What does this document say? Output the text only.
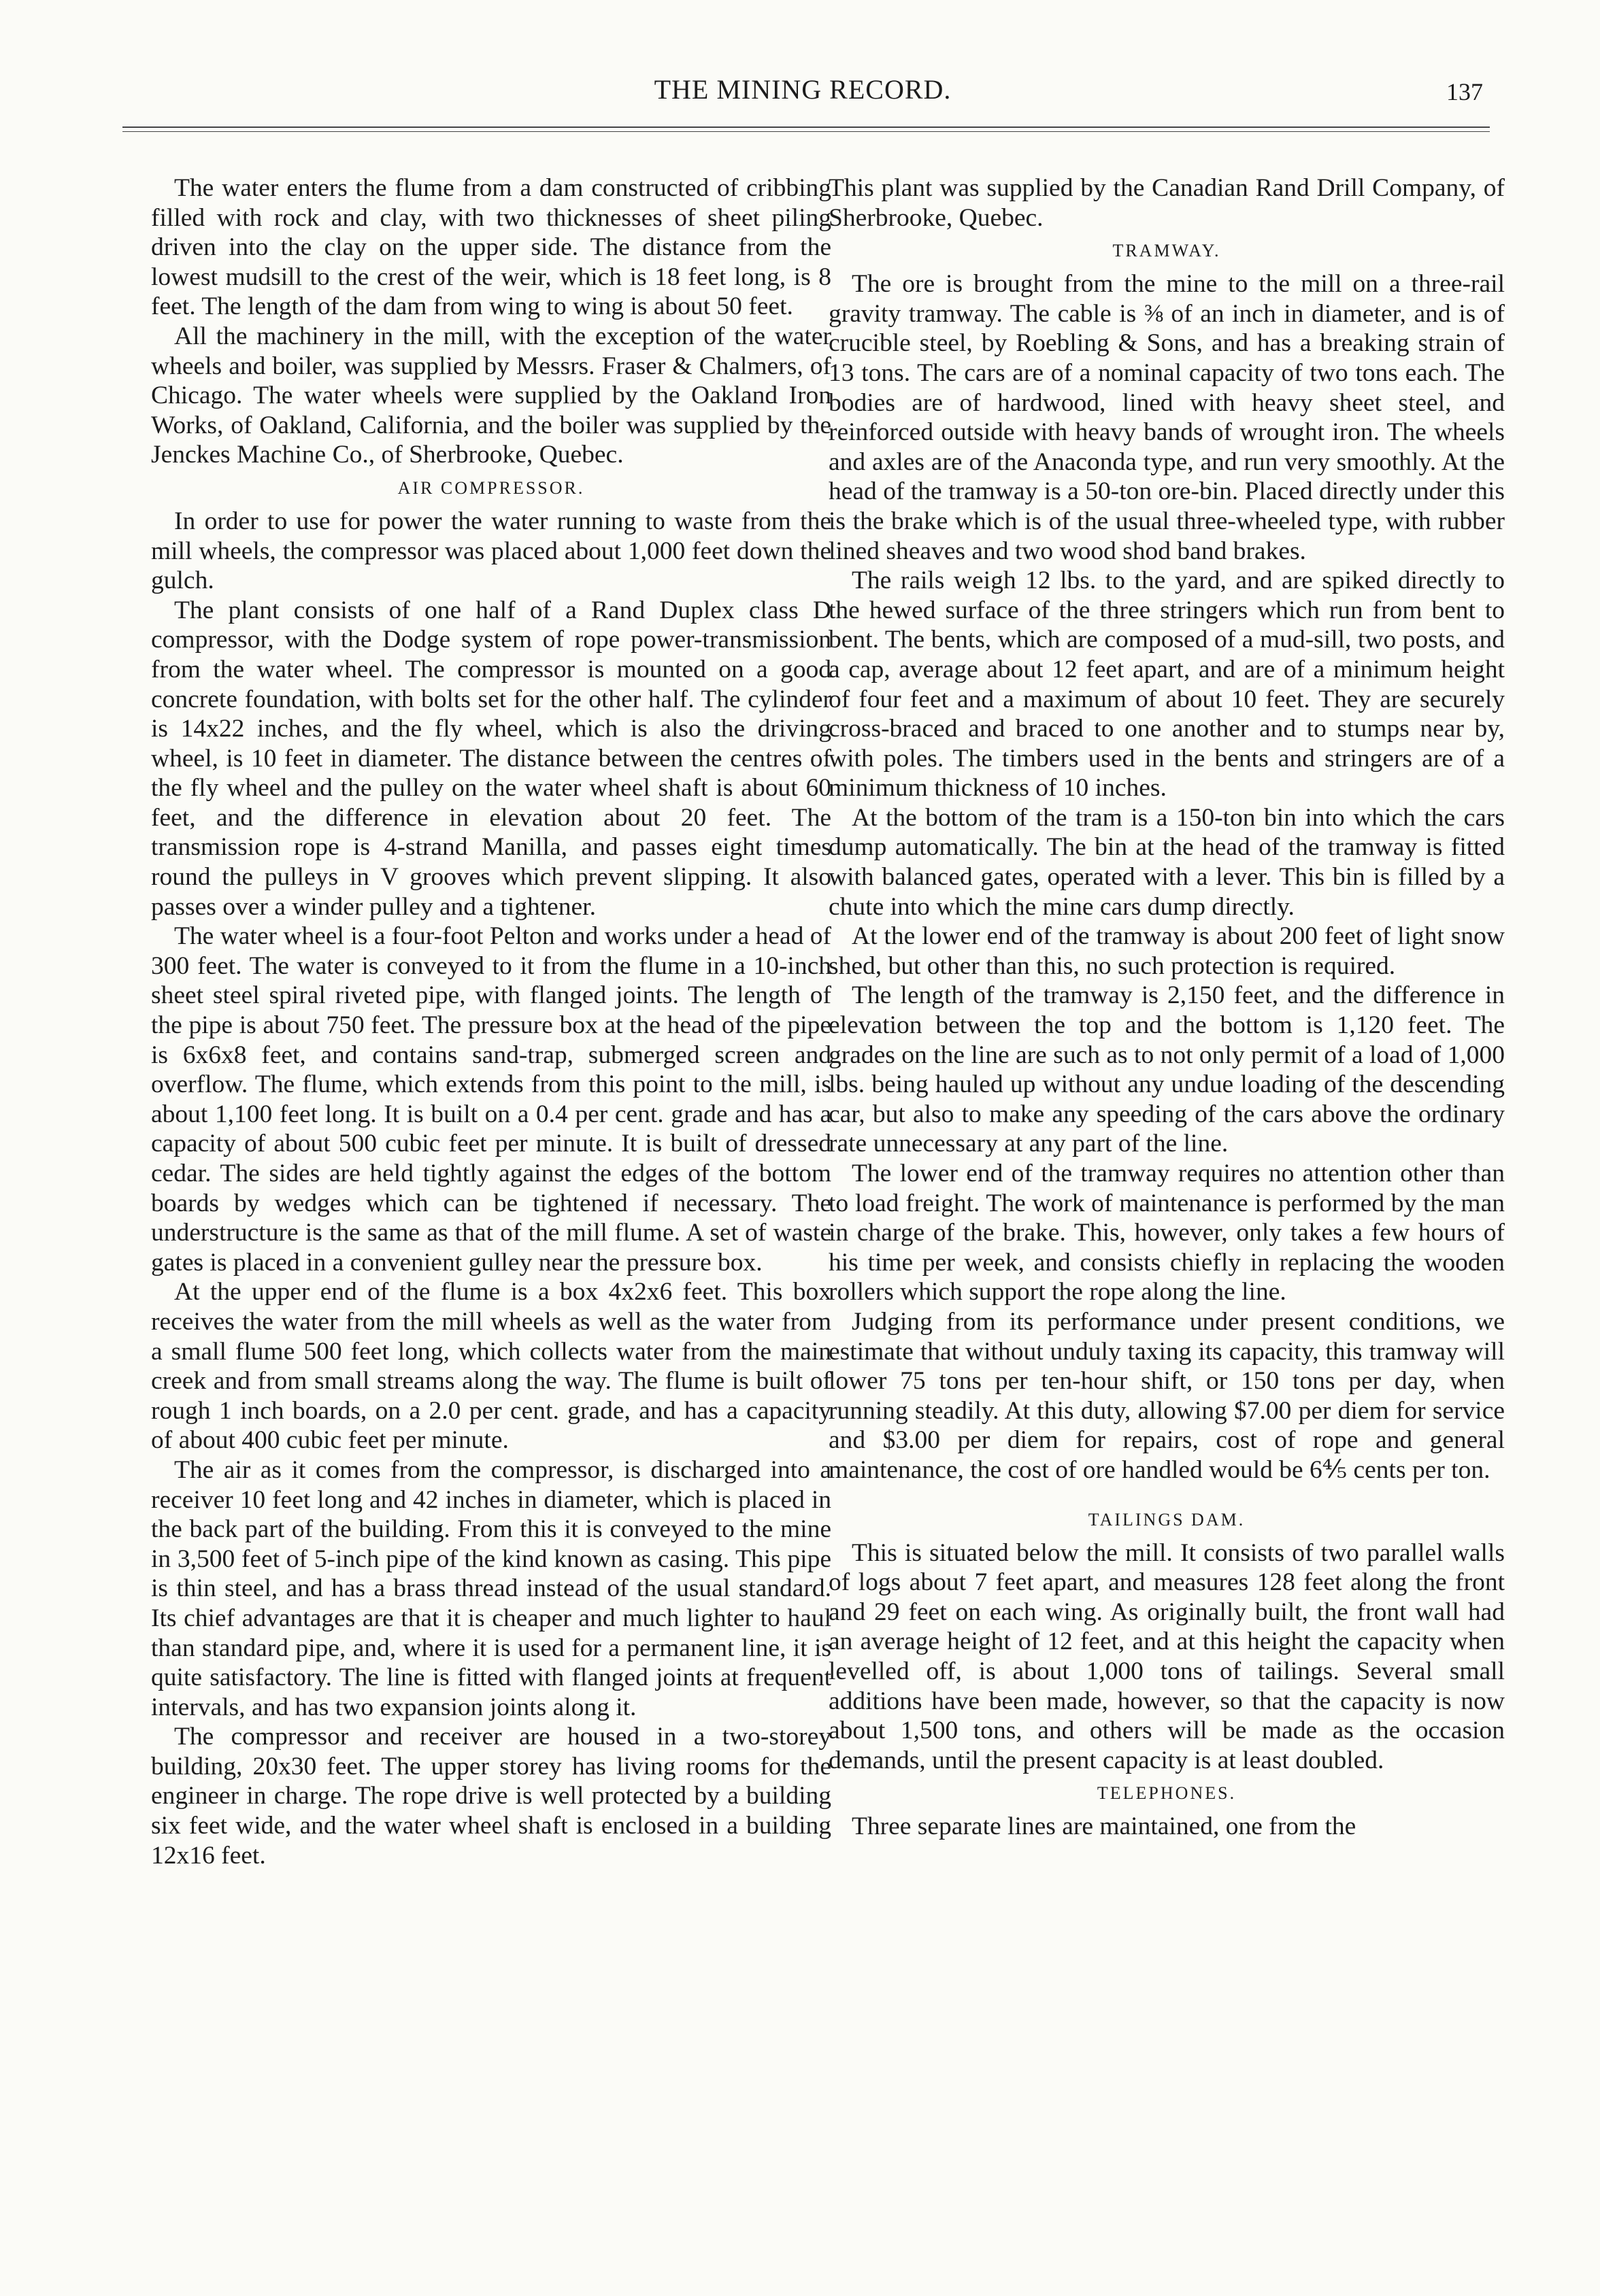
THE MINING RECORD.	137

The water enters the flume from a dam constructed of cribbing filled with rock and clay, with two thicknesses of sheet piling driven into the clay on the upper side. The distance from the lowest mudsill to the crest of the weir, which is 18 feet long, is 8 feet. The length of the dam from wing to wing is about 50 feet.

All the machinery in the mill, with the exception of the water wheels and boiler, was supplied by Messrs. Fraser & Chalmers, of Chicago. The water wheels were supplied by the Oakland Iron Works, of Oakland, California, and the boiler was supplied by the Jenckes Machine Co., of Sherbrooke, Quebec.

AIR COMPRESSOR.

In order to use for power the water running to waste from the mill wheels, the compressor was placed about 1,000 feet down the gulch.

The plant consists of one half of a Rand Duplex class D compressor, with the Dodge system of rope power-transmission from the water wheel. The compressor is mounted on a good concrete foundation, with bolts set for the other half. The cylinder is 14x22 inches, and the fly wheel, which is also the driving wheel, is 10 feet in diameter. The distance between the centres of the fly wheel and the pulley on the water wheel shaft is about 60 feet, and the difference in elevation about 20 feet. The transmission rope is 4-strand Manilla, and passes eight times round the pulleys in V grooves which prevent slipping. It also passes over a winder pulley and a tightener.

The water wheel is a four-foot Pelton and works under a head of 300 feet. The water is conveyed to it from the flume in a 10-inch sheet steel spiral riveted pipe, with flanged joints. The length of the pipe is about 750 feet. The pressure box at the head of the pipe is 6x6x8 feet, and contains sand-trap, submerged screen and overflow. The flume, which extends from this point to the mill, is about 1,100 feet long. It is built on a 0.4 per cent. grade and has a capacity of about 500 cubic feet per minute. It is built of dressed cedar. The sides are held tightly against the edges of the bottom boards by wedges which can be tightened if necessary. The understructure is the same as that of the mill flume. A set of waste gates is placed in a convenient gulley near the pressure box.

At the upper end of the flume is a box 4x2x6 feet. This box receives the water from the mill wheels as well as the water from a small flume 500 feet long, which collects water from the main creek and from small streams along the way. The flume is built of rough 1 inch boards, on a 2.0 per cent. grade, and has a capacity of about 400 cubic feet per minute.

The air as it comes from the compressor, is discharged into a receiver 10 feet long and 42 inches in diameter, which is placed in the back part of the building. From this it is conveyed to the mine in 3,500 feet of 5-inch pipe of the kind known as casing. This pipe is thin steel, and has a brass thread instead of the usual standard. Its chief advantages are that it is cheaper and much lighter to haul than standard pipe, and, where it is used for a permanent line, it is quite satisfactory. The line is fitted with flanged joints at frequent intervals, and has two expansion joints along it.

The compressor and receiver are housed in a two-storey building, 20x30 feet. The upper storey has living rooms for the engineer in charge. The rope drive is well protected by a building six feet wide, and the water wheel shaft is enclosed in a building 12x16 feet.

This plant was supplied by the Canadian Rand Drill Company, of Sherbrooke, Quebec.

TRAMWAY.

The ore is brought from the mine to the mill on a three-rail gravity tramway. The cable is ⅜ of an inch in diameter, and is of crucible steel, by Roebling & Sons, and has a breaking strain of 13 tons. The cars are of a nominal capacity of two tons each. The bodies are of hardwood, lined with heavy sheet steel, and reinforced outside with heavy bands of wrought iron. The wheels and axles are of the Anaconda type, and run very smoothly. At the head of the tramway is a 50-ton ore-bin. Placed directly under this is the brake which is of the usual three-wheeled type, with rubber lined sheaves and two wood shod band brakes.

The rails weigh 12 lbs. to the yard, and are spiked directly to the hewed surface of the three stringers which run from bent to bent. The bents, which are composed of a mud-sill, two posts, and a cap, average about 12 feet apart, and are of a minimum height of four feet and a maximum of about 10 feet. They are securely cross-braced and braced to one another and to stumps near by, with poles. The timbers used in the bents and stringers are of a minimum thickness of 10 inches.

At the bottom of the tram is a 150-ton bin into which the cars dump automatically. The bin at the head of the tramway is fitted with balanced gates, operated with a lever. This bin is filled by a chute into which the mine cars dump directly.

At the lower end of the tramway is about 200 feet of light snow shed, but other than this, no such protection is required.

The length of the tramway is 2,150 feet, and the difference in elevation between the top and the bottom is 1,120 feet. The grades on the line are such as to not only permit of a load of 1,000 lbs. being hauled up without any undue loading of the descending car, but also to make any speeding of the cars above the ordinary rate unnecessary at any part of the line.

The lower end of the tramway requires no attention other than to load freight. The work of maintenance is performed by the man in charge of the brake. This, however, only takes a few hours of his time per week, and consists chiefly in replacing the wooden rollers which support the rope along the line.

Judging from its performance under present conditions, we estimate that without unduly taxing its capacity, this tramway will lower 75 tons per ten-hour shift, or 150 tons per day, when running steadily. At this duty, allowing $7.00 per diem for service and $3.00 per diem for repairs, cost of rope and general maintenance, the cost of ore handled would be 6⅘ cents per ton.

TAILINGS DAM.

This is situated below the mill. It consists of two parallel walls of logs about 7 feet apart, and measures 128 feet along the front and 29 feet on each wing. As originally built, the front wall had an average height of 12 feet, and at this height the capacity when levelled off, is about 1,000 tons of tailings. Several small additions have been made, however, so that the capacity is now about 1,500 tons, and others will be made as the occasion demands, until the present capacity is at least doubled.

TELEPHONES.

Three separate lines are maintained, one from the
